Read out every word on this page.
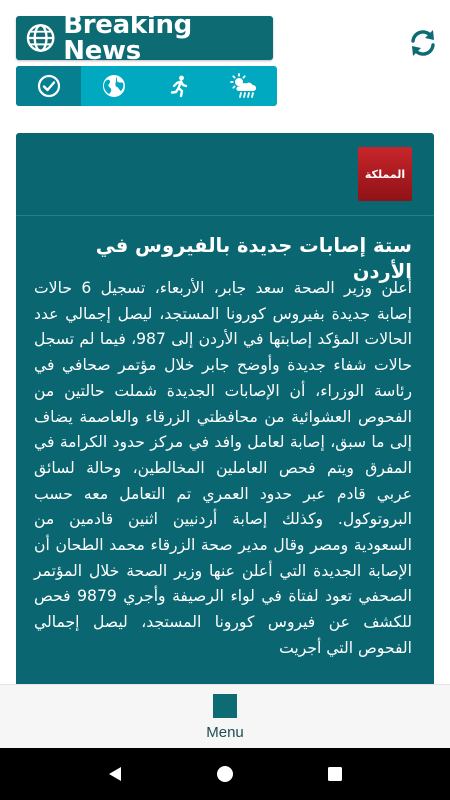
Breaking News
المملكة
ستة إصابات جديدة بالفيروس في الأردن
أعلن وزير الصحة سعد جابر، الأربعاء، تسجيل 6 حالات إصابة جديدة بفيروس كورونا المستجد، ليصل إجمالي عدد الحالات المؤكد إصابتها في الأردن إلى 987، فيما لم تسجل حالات شفاء جديدة وأوضح جابر خلال مؤتمر صحافي في رئاسة الوزراء، أن الإصابات الجديدة شملت حالتين من الفحوص العشوائية من محافظتي الزرقاء والعاصمة يضاف إلى ما سبق، إصابة لعامل وافد في مركز حدود الكرامة في المفرق ويتم فحص العاملين المخالطين، وحالة لسائق عربي قادم عبر حدود العمري تم التعامل معه حسب البروتوكول. وكذلك إصابة أردنيين اثنين قادمين من السعودية ومصر وقال مدير صحة الزرقاء محمد الطحان أن الإصابة الجديدة التي أعلن عنها وزير الصحة خلال المؤتمر الصحفي تعود لفتاة في لواء الرصيفة وأجري 9879 فحص للكشف عن فيروس كورونا المستجد، ليصل إجمالي الفحوص التي أجريت
Menu
